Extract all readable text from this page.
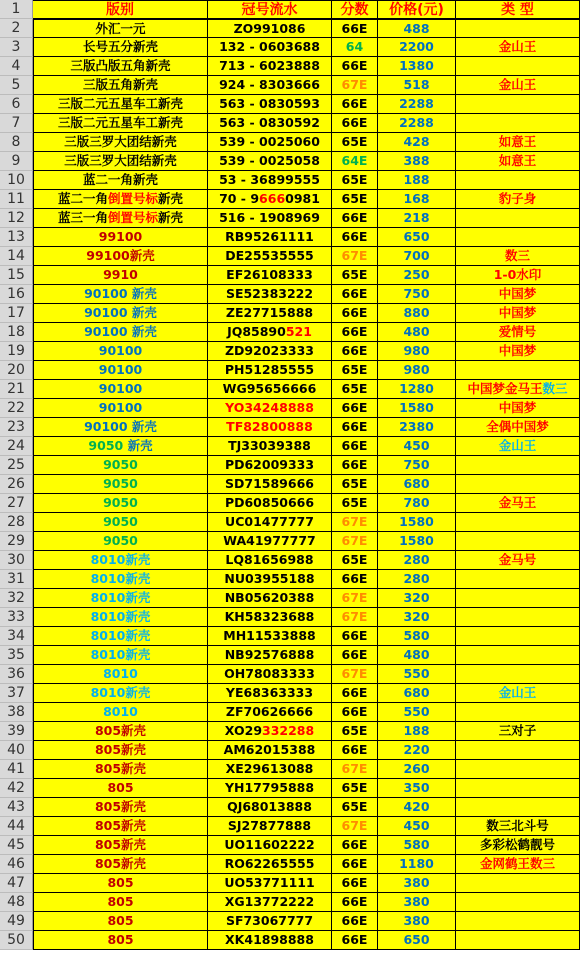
1	版别	冠号流水	分数	价格(元)	类 型
2	外汇一元	ZO991086	66E	488
3	长号五分新壳	132 - 0603688	64	2200	金山王
4	三版凸版五角新壳	713 - 6023888	66E	1380
5	三版五角新壳	924 - 8303666	67E	518	金山王
6	三版二元五星车工新壳	563 - 0830593	66E	2288
7	三版二元五星车工新壳	563 - 0830592	66E	2288
8	三版三罗大团结新壳	539 - 0025060	65E	428	如意王
9	三版三罗大团结新壳	539 - 0025058	64E	388	如意王
10	蓝二一角新壳	53 - 36899555	65E	188
11	蓝二一角倒置号标新壳	70 - 96660981	65E	168	豹子身
12	蓝三一角倒置号标新壳	516 - 1908969	66E	218
13	99100	RB95261111	66E	650
14	99100新壳	DE25535555	67E	700	数三
15	9910	EF26108333	65E	250	1-0水印
16	90100 新壳	SE52383222	66E	750	中国梦
17	90100 新壳	ZE27715888	66E	880	中国梦
18	90100 新壳	JQ85890521	66E	480	爱情号
19	90100	ZD92023333	66E	980	中国梦
20	90100	PH51285555	65E	980
21	90100	WG95656666	65E	1280	中国梦金马王数三
22	90100	YO34248888	66E	1580	中国梦
23	90100 新壳	TF82800888	66E	2380	全偶中国梦
24	9050 新壳	TJ33039388	66E	450	金山王
25	9050	PD62009333	66E	750
26	9050	SD71589666	65E	680
27	9050	PD60850666	65E	780	金马王
28	9050	UC01477777	67E	1580
29	9050	WA41977777	67E	1580
30	8010新壳	LQ81656988	65E	280	金马号
31	8010新壳	NU03955188	66E	280
32	8010新壳	NB05620388	67E	320
33	8010新壳	KH58323688	67E	320
34	8010新壳	MH11533888	66E	580
35	8010新壳	NB92576888	66E	480
36	8010	OH78083333	67E	550
37	8010新壳	YE68363333	66E	680	金山王
38	8010	ZF70626666	66E	550
39	805新壳	XO29332288	65E	188	三对子
40	805新壳	AM62015388	66E	220
41	805新壳	XE29613088	67E	260
42	805	YH17795888	65E	350
43	805新壳	QJ68013888	65E	420
44	805新壳	SJ27877888	67E	450	数三北斗号
45	805新壳	UO11602222	66E	580	多彩松鹤靓号
46	805新壳	RO62265555	66E	1180	金网鹤王数三
47	805	UO53771111	66E	380
48	805	XG13772222	66E	380
49	805	SF73067777	66E	380
50	805	XK41898888	66E	650
